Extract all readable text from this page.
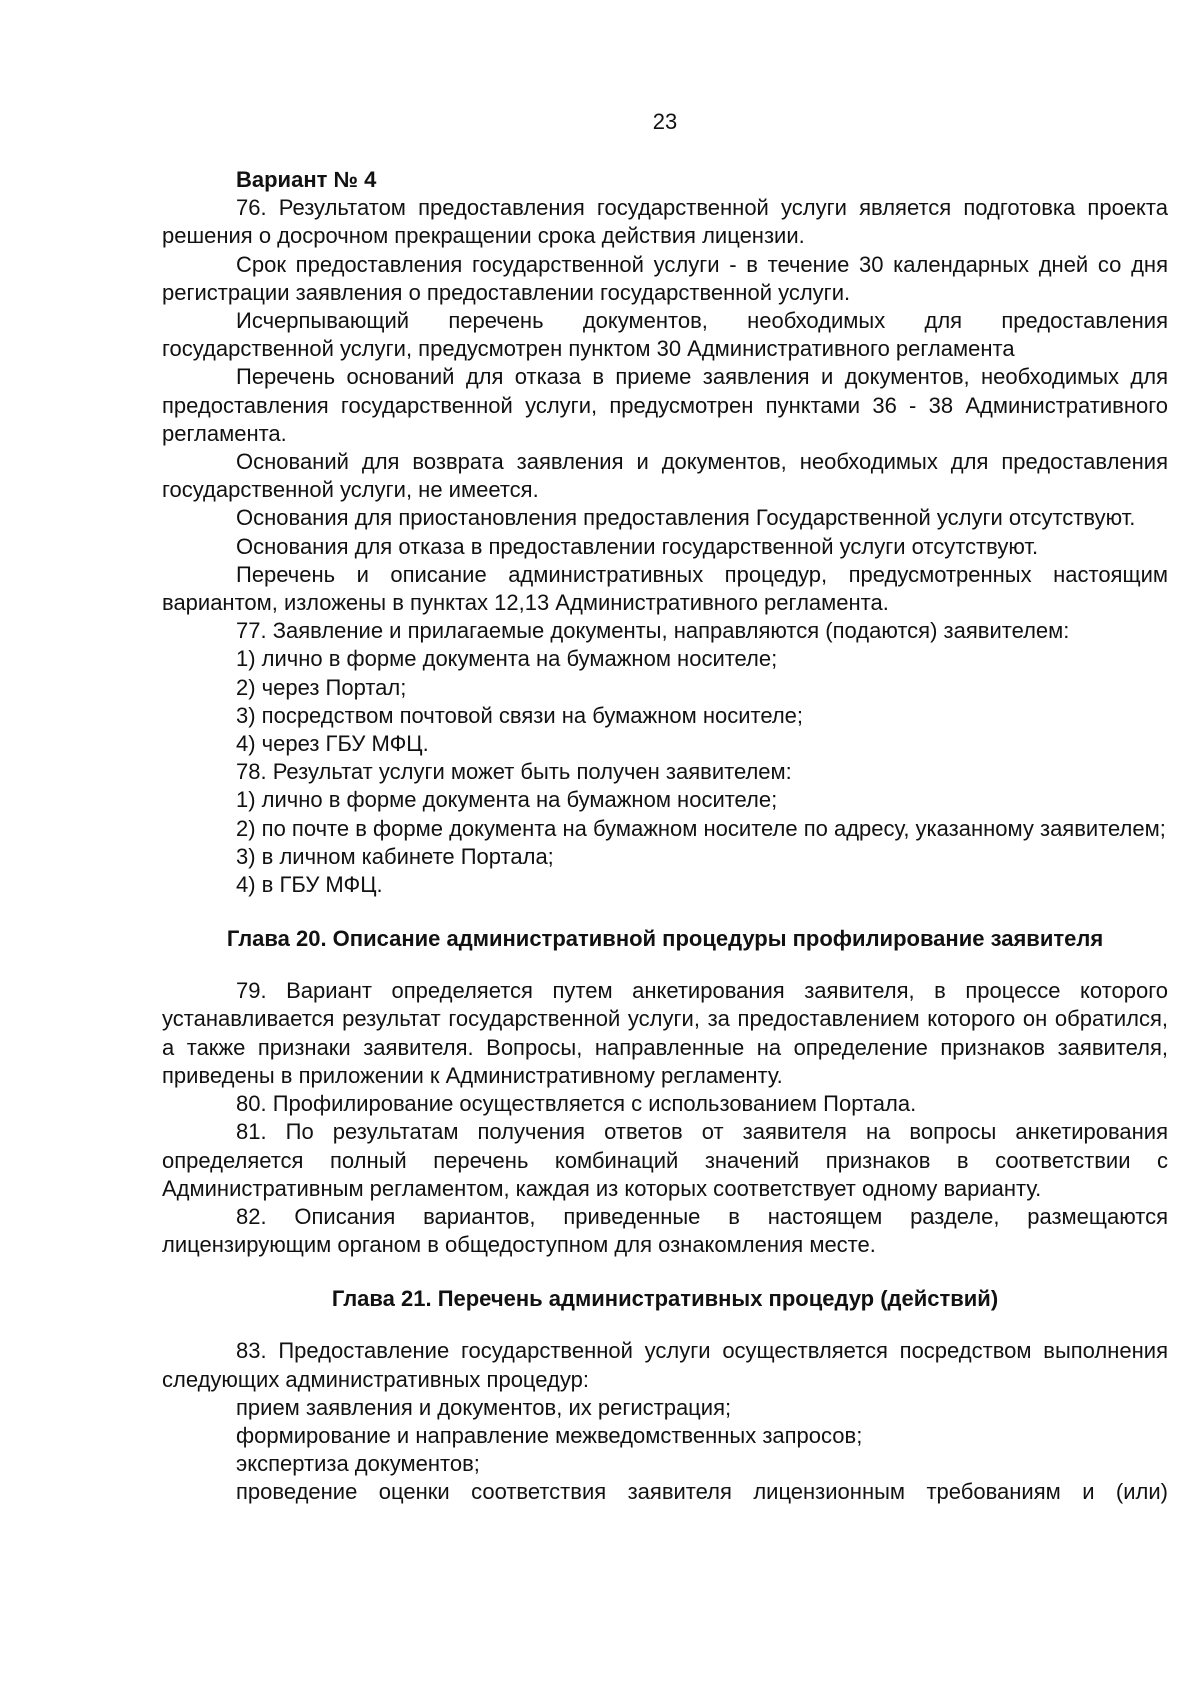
23

Вариант № 4

76. Результатом предоставления государственной услуги является подготовка проекта решения о досрочном прекращении срока действия лицензии.

Срок предоставления государственной услуги - в течение 30 календарных дней со дня регистрации заявления о предоставлении государственной услуги.

Исчерпывающий перечень документов, необходимых для предоставления государственной услуги, предусмотрен пунктом 30 Административного регламента

Перечень оснований для отказа в приеме заявления и документов, необходимых для предоставления государственной услуги, предусмотрен пунктами 36 - 38 Административного регламента.

Оснований для возврата заявления и документов, необходимых для предоставления государственной услуги, не имеется.

Основания для приостановления предоставления Государственной услуги отсутствуют.

Основания для отказа в предоставлении государственной услуги отсутствуют.

Перечень и описание административных процедур, предусмотренных настоящим вариантом, изложены в пунктах 12,13 Административного регламента.

77. Заявление и прилагаемые документы, направляются (подаются) заявителем:

1) лично в форме документа на бумажном носителе;

2) через Портал;

3) посредством почтовой связи на бумажном носителе;

4) через ГБУ МФЦ.

78. Результат услуги может быть получен заявителем:

1) лично в форме документа на бумажном носителе;

2) по почте в форме документа на бумажном носителе по адресу, указанному заявителем;

3) в личном кабинете Портала;

4) в ГБУ МФЦ.

Глава 20. Описание административной процедуры профилирование заявителя

79. Вариант определяется путем анкетирования заявителя, в процессе которого устанавливается результат государственной услуги, за предоставлением которого он обратился, а также признаки заявителя. Вопросы, направленные на определение признаков заявителя, приведены в приложении к Административному регламенту.

80. Профилирование осуществляется с использованием Портала.

81. По результатам получения ответов от заявителя на вопросы анкетирования определяется полный перечень комбинаций значений признаков в соответствии с Административным регламентом, каждая из которых соответствует одному варианту.

82. Описания вариантов, приведенные в настоящем разделе, размещаются лицензирующим органом в общедоступном для ознакомления месте.

Глава 21. Перечень административных процедур (действий)

83. Предоставление государственной услуги осуществляется посредством выполнения следующих административных процедур:

прием заявления и документов, их регистрация;

формирование и направление межведомственных запросов;

экспертиза документов;

проведение оценки соответствия заявителя лицензионным требованиям и (или)
